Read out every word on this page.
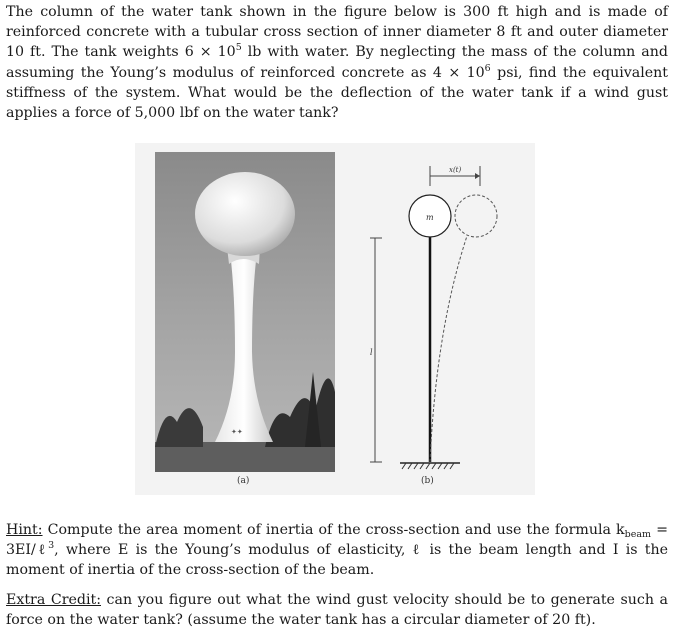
The column of the water tank shown in the figure below is 300 ft high and is made of reinforced concrete with a tubular cross section of inner diameter 8 ft and outer diameter 10 ft. The tank weights $6 \times 10^5$ lb with water. By neglecting the mass of the column and assuming the Young’s modulus of reinforced concrete as $4 \times 10^6$ psi, find the equivalent stiffness of the system. What would be the deflection of the water tank if a wind gust applies a force of 5,000 lbf on the water tank?
✦✦
l
m
x(t)
(a)	(b)
Hint: Compute the area moment of inertia of the cross-section and use the formula $k_{beam}$ = 3EI/ℓ$^3$, where E is the Young’s modulus of elasticity, ℓ is the beam length and I is the moment of inertia of the cross-section of the beam.
Extra Credit: can you figure out what the wind gust velocity should be to generate such a force on the water tank? (assume the water tank has a circular diameter of 20 ft).
